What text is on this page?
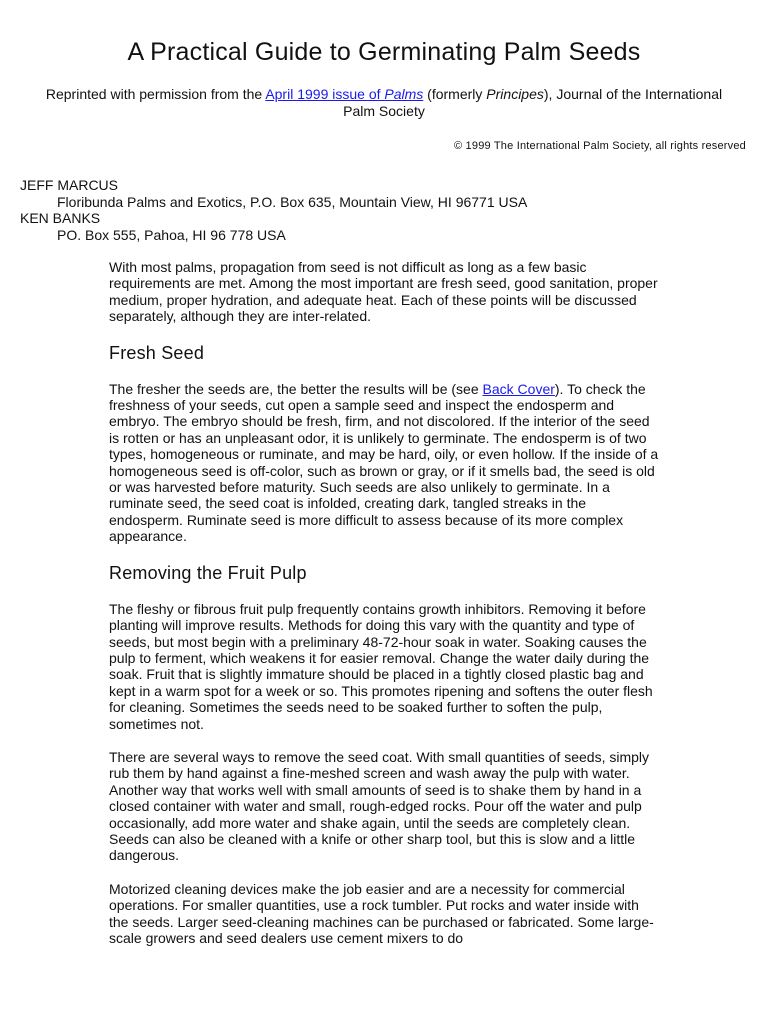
A Practical Guide to Germinating Palm Seeds

Reprinted with permission from the April 1999 issue of Palms (formerly Principes), Journal of the International Palm Society

© 1999 The International Palm Society, all rights reserved

JEFF MARCUS
Floribunda Palms and Exotics, P.O. Box 635, Mountain View, HI 96771 USA
KEN BANKS
PO. Box 555, Pahoa, HI 96 778 USA

With most palms, propagation from seed is not difficult as long as a few basic requirements are met. Among the most important are fresh seed, good sanitation, proper medium, proper hydration, and adequate heat. Each of these points will be discussed separately, although they are inter-related.

Fresh Seed

The fresher the seeds are, the better the results will be (see Back Cover). To check the freshness of your seeds, cut open a sample seed and inspect the endosperm and embryo. The embryo should be fresh, firm, and not discolored. If the interior of the seed is rotten or has an unpleasant odor, it is unlikely to germinate. The endosperm is of two types, homogeneous or ruminate, and may be hard, oily, or even hollow. If the inside of a homogeneous seed is off-color, such as brown or gray, or if it smells bad, the seed is old or was harvested before maturity. Such seeds are also unlikely to germinate. In a ruminate seed, the seed coat is infolded, creating dark, tangled streaks in the endosperm. Ruminate seed is more difficult to assess because of its more complex appearance.

Removing the Fruit Pulp

The fleshy or fibrous fruit pulp frequently contains growth inhibitors. Removing it before planting will improve results. Methods for doing this vary with the quantity and type of seeds, but most begin with a preliminary 48-72-hour soak in water. Soaking causes the pulp to ferment, which weakens it for easier removal. Change the water daily during the soak. Fruit that is slightly immature should be placed in a tightly closed plastic bag and kept in a warm spot for a week or so. This promotes ripening and softens the outer flesh for cleaning. Sometimes the seeds need to be soaked further to soften the pulp, sometimes not.

There are several ways to remove the seed coat. With small quantities of seeds, simply rub them by hand against a fine-meshed screen and wash away the pulp with water. Another way that works well with small amounts of seed is to shake them by hand in a closed container with water and small, rough-edged rocks. Pour off the water and pulp occasionally, add more water and shake again, until the seeds are completely clean. Seeds can also be cleaned with a knife or other sharp tool, but this is slow and a little dangerous.

Motorized cleaning devices make the job easier and are a necessity for commercial operations. For smaller quantities, use a rock tumbler. Put rocks and water inside with the seeds. Larger seed-cleaning machines can be purchased or fabricated. Some large-scale growers and seed dealers use cement mixers to do
